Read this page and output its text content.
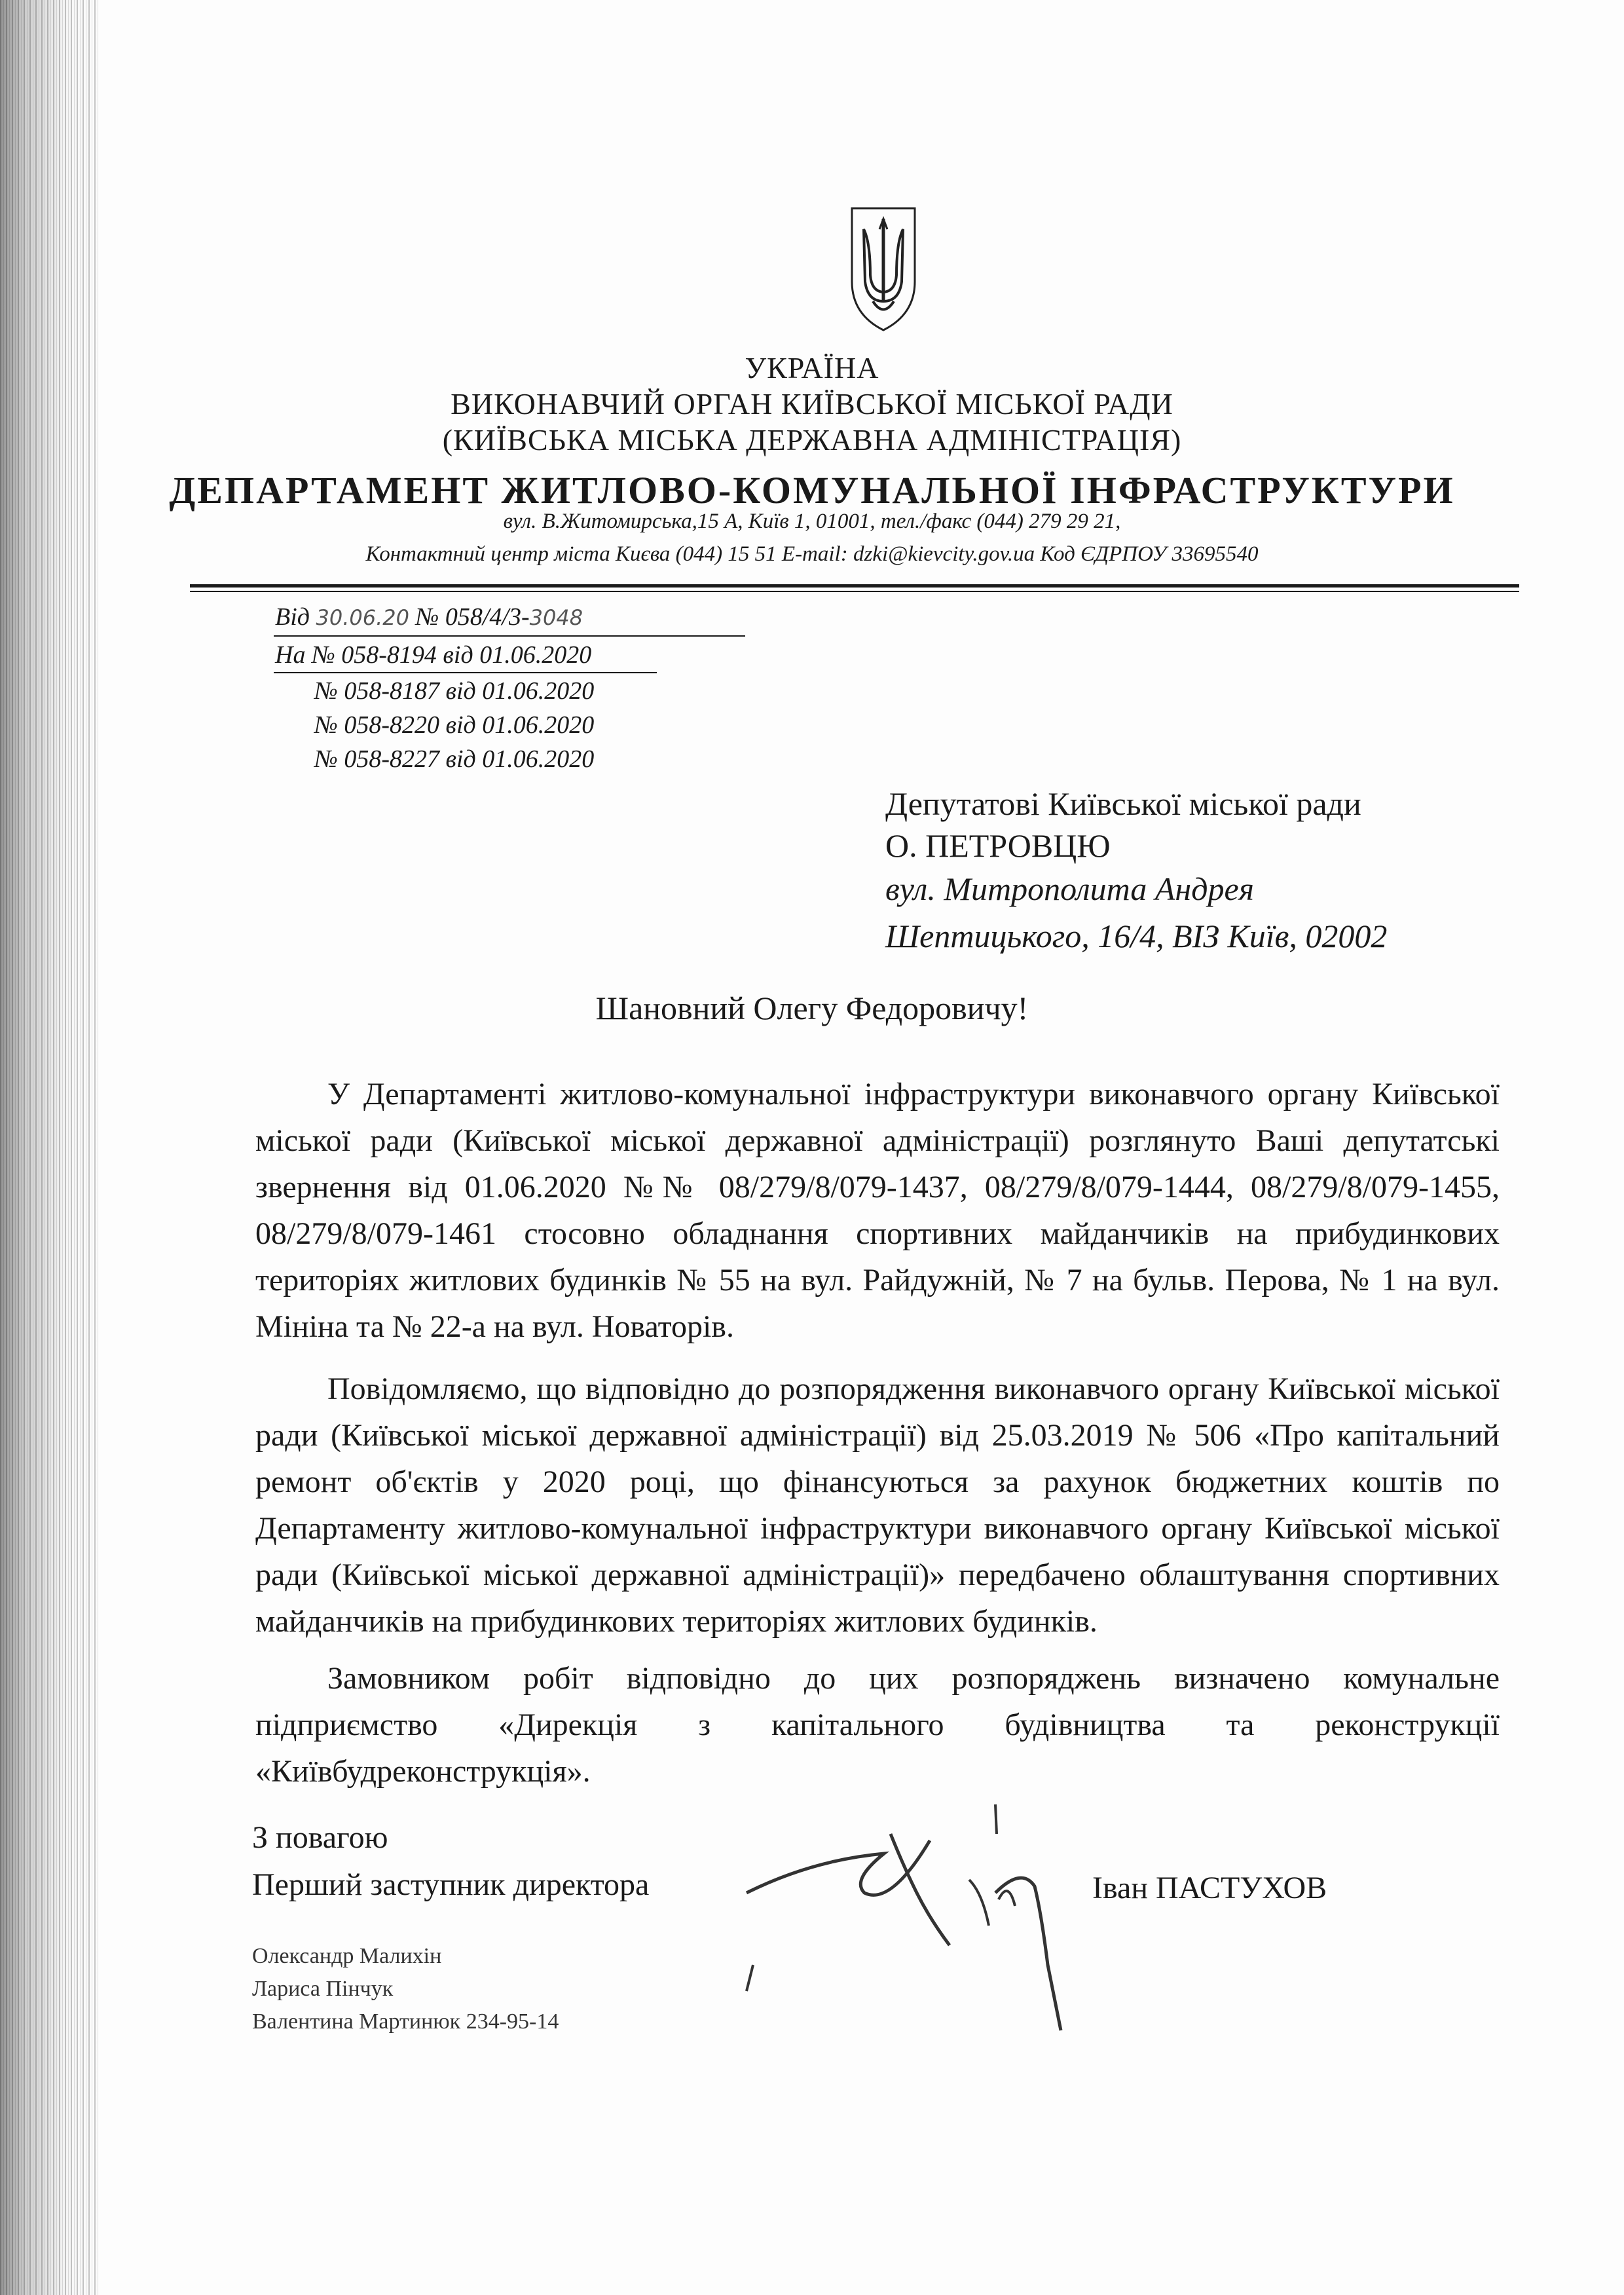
УКРАЇНА
ВИКОНАВЧИЙ ОРГАН КИЇВСЬКОЇ МІСЬКОЇ РАДИ
(КИЇВСЬКА МІСЬКА ДЕРЖАВНА АДМІНІСТРАЦІЯ)
ДЕПАРТАМЕНТ ЖИТЛОВО-КОМУНАЛЬНОЇ ІНФРАСТРУКТУРИ
вул. В.Житомирська,15 А, Київ 1, 01001, тел./факс (044) 279 29 21,
Контактний центр міста Києва (044) 15 51 E-mail: dzki@kievcity.gov.ua Код ЄДРПОУ 33695540
Від 30.06.20 № 058/4/3-3048
На № 058-8194 від 01.06.2020
№ 058-8187 від 01.06.2020
№ 058-8220 від 01.06.2020
№ 058-8227 від 01.06.2020
Депутатові Київської міської ради
О. ПЕТРОВЦЮ
вул. Митрополита Андрея
Шептицького, 16/4, ВІЗ Київ, 02002
Шановний Олегу Федоровичу!

У Департаменті житлово-комунальної інфраструктури виконавчого органу Київської міської ради (Київської міської державної адміністрації) розглянуто Ваші депутатські звернення від 01.06.2020 №№ 08/279/8/079-1437, 08/279/8/079-1444, 08/279/8/079-1455, 08/279/8/079-1461 стосовно обладнання спортивних майданчиків на прибудинкових територіях житлових будинків № 55 на вул. Райдужній, № 7 на бульв. Перова, № 1 на вул. Мініна та № 22-а на вул. Новаторів.

Повідомляємо, що відповідно до розпорядження виконавчого органу Київської міської ради (Київської міської державної адміністрації) від 25.03.2019 № 506 «Про капітальний ремонт об'єктів у 2020 році, що фінансуються за рахунок бюджетних коштів по Департаменту житлово-комунальної інфраструктури виконавчого органу Київської міської ради (Київської міської державної адміністрації)» передбачено облаштування спортивних майданчиків на прибудинкових територіях житлових будинків.

Замовником робіт відповідно до цих розпоряджень визначено комунальне підприємство «Дирекція з капітального будівництва та реконструкції «Київбудреконструкція».

З повагою
Перший заступник директора	Іван ПАСТУХОВ
Олександр Малихін
Лариса Пінчук
Валентина Мартинюк 234-95-14
